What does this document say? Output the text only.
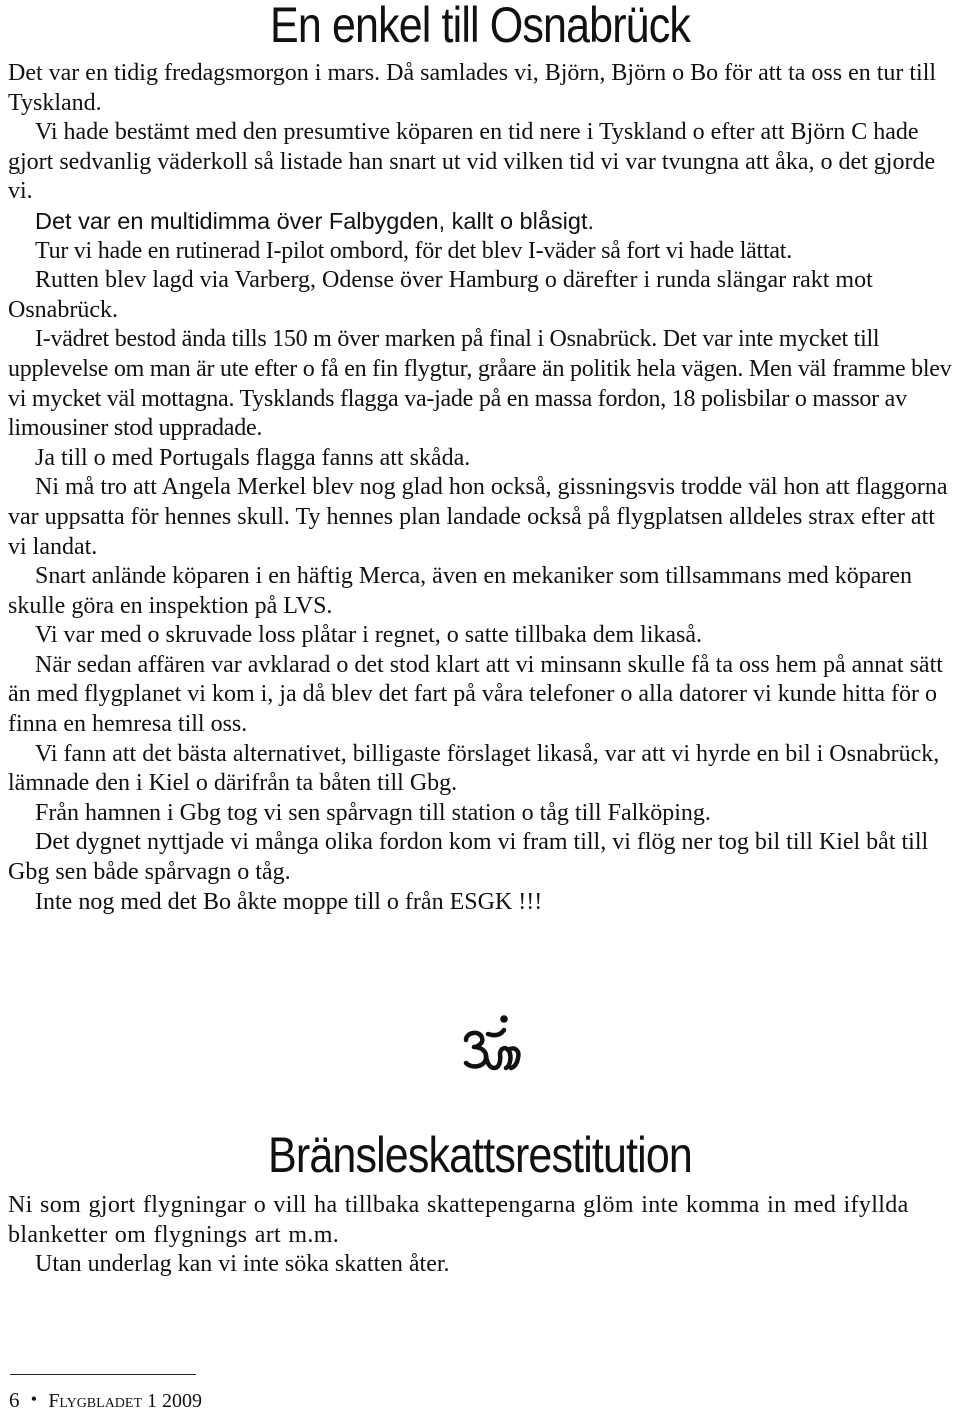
En enkel till Osnabrück

Det var en tidig fredagsmorgon i mars. Då samlades vi, Björn, Björn o Bo för att ta oss en tur till Tyskland.

Vi hade bestämt med den presumtive köparen en tid nere i Tyskland o efter att Björn C hade gjort sedvanlig väderkoll så listade han snart ut vid vilken tid vi var tvungna att åka, o det gjorde vi.

Det var en multidimma över Falbygden, kallt o blåsigt.

Tur vi hade en rutinerad I-pilot ombord, för det blev I-väder så fort vi hade lättat.

Rutten blev lagd via Varberg, Odense över Hamburg o därefter i runda slängar rakt mot Osnabrück.

I-vädret bestod ända tills 150 m över marken på final i Osnabrück. Det var inte mycket till upplevelse om man är ute efter o få en fin flygtur, gråare än politik hela vägen. Men väl framme blev vi mycket väl mottagna. Tysklands flagga va-jade på en massa fordon, 18 polisbilar o massor av limousiner stod uppradade.

Ja till o med Portugals flagga fanns att skåda.

Ni må tro att Angela Merkel blev nog glad hon också, gissningsvis trodde väl hon att flaggorna var uppsatta för hennes skull. Ty hennes plan landade också på flygplatsen alldeles strax efter att vi landat.

Snart anlände köparen i en häftig Merca, även en mekaniker som tillsammans med köparen skulle göra en inspektion på LVS.

Vi var med o skruvade loss plåtar i regnet, o satte tillbaka dem likaså.

När sedan affären var avklarad o det stod klart att vi minsann skulle få ta oss hem på annat sätt än med flygplanet vi kom i, ja då blev det fart på våra telefoner o alla datorer vi kunde hitta för o finna en hemresa till oss.

Vi fann att det bästa alternativet, billigaste förslaget likaså, var att vi hyrde en bil i Osnabrück, lämnade den i Kiel o därifrån ta båten till Gbg.

Från hamnen i Gbg tog vi sen spårvagn till station o tåg till Falköping.

Det dygnet nyttjade vi många olika fordon kom vi fram till, vi flög ner tog bil till Kiel båt till Gbg sen både spårvagn o tåg.

Inte nog med det Bo åkte moppe till o från ESGK !!!

Bränsleskattsrestitution

Ni som gjort flygningar o vill ha tillbaka skattepengarna glöm inte komma in med ifyllda blanketter om flygnings art m.m.

Utan underlag kan vi inte söka skatten åter.

6 • Flygbladet 1 2009
